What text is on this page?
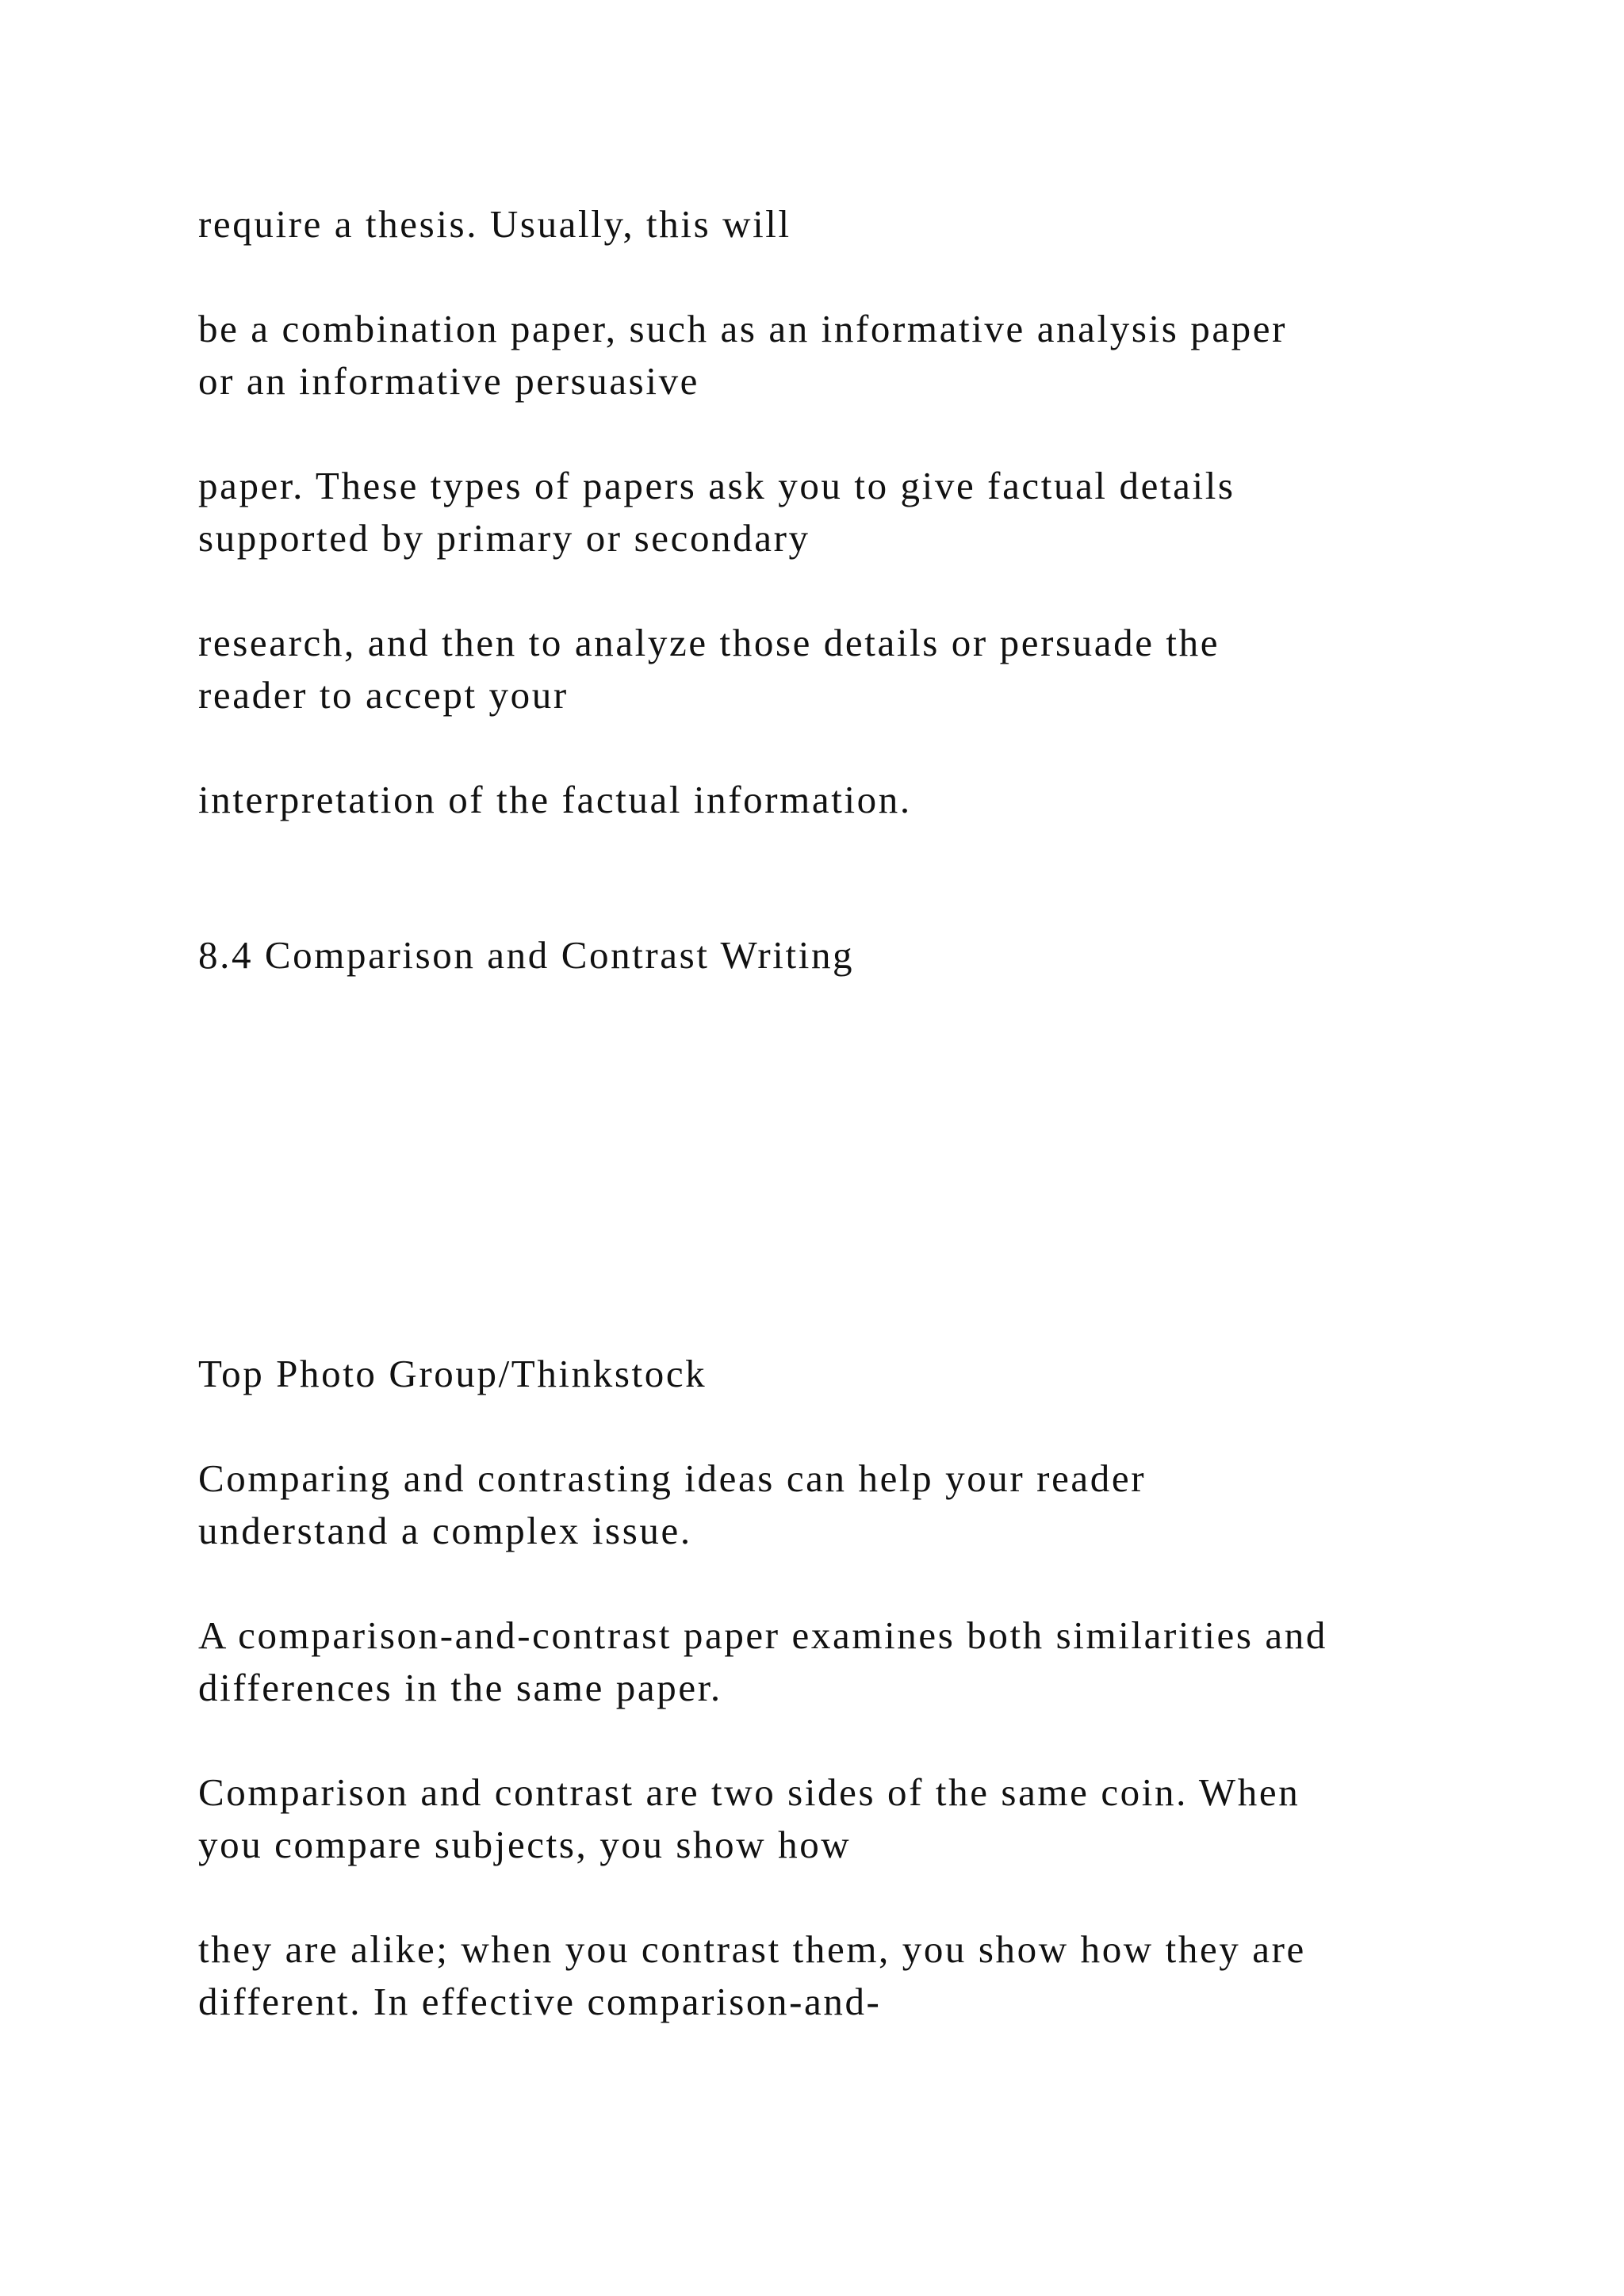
require a thesis. Usually, this will

be a combination paper, such as an informative analysis paper
or an informative persuasive

paper. These types of papers ask you to give factual details
supported by primary or secondary

research, and then to analyze those details or persuade the
reader to accept your

interpretation of the factual information.

8.4 Comparison and Contrast Writing

Top Photo Group/Thinkstock

Comparing and contrasting ideas can help your reader
understand a complex issue.

A comparison-and-contrast paper examines both similarities and
differences in the same paper.

Comparison and contrast are two sides of the same coin. When
you compare subjects, you show how

they are alike; when you contrast them, you show how they are
different. In effective comparison-and-
